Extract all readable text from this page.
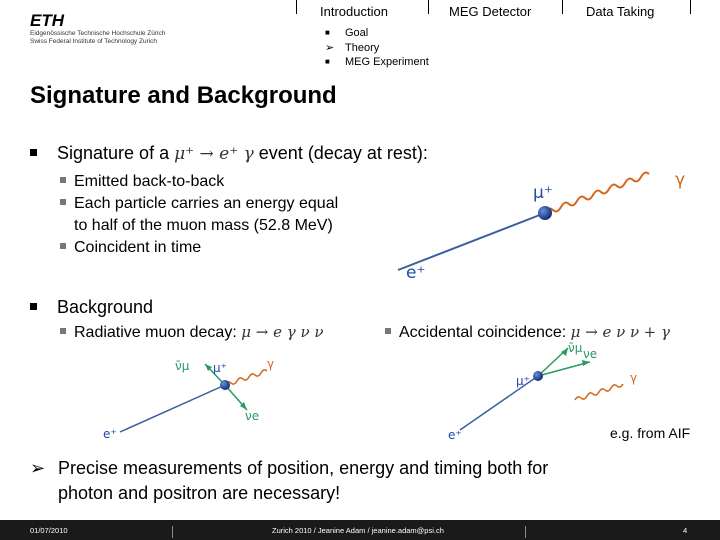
ETH
Eidgenössische Technische Hochschule Zürich
Swiss Federal Institute of Technology Zurich
Introduction	MEG Detector	Data Taking
■	Goal
➢ Theory
■	MEG Experiment
Signature and Background
Signature of a μ⁺ → e⁺ γ event (decay at rest):
Emitted back-to-back
Each particle carries an energy equal
to half of the muon mass (52.8 MeV)
Coincident in time
μ⁺
γ
e⁺
Background
Radiative muon decay: μ → e γ ν ν	Accidental coincidence: μ → e ν ν + γ
μ⁺
ν̄μ
νe
γ
e⁺
μ⁺
ν̄μ νe
γ
e⁺	e.g. from AIF
➢ Precise measurements of position, energy and timing both for
photon and positron are necessary!
01/07/2010	Zurich 2010 / Jeanine Adam / jeanine.adam@psi.ch	4
